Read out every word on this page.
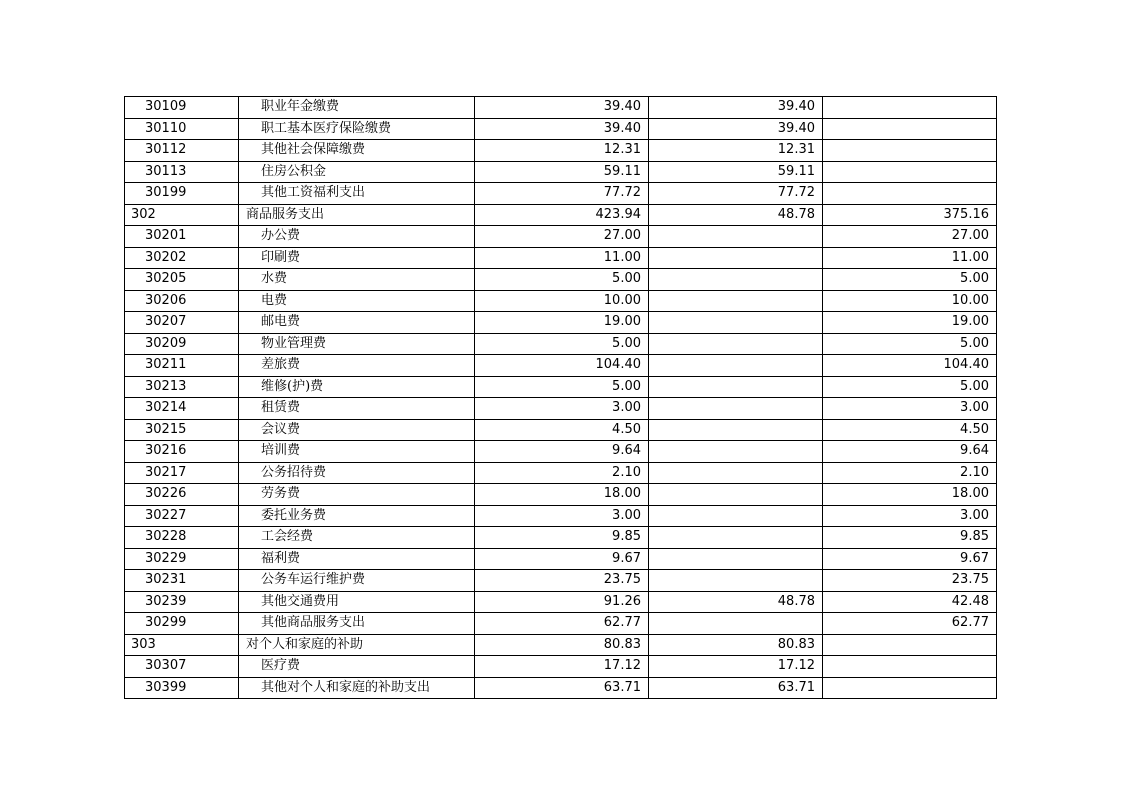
30109	职业年金缴费	39.40	39.40	
30110	职工基本医疗保险缴费	39.40	39.40	
30112	其他社会保障缴费	12.31	12.31	
30113	住房公积金	59.11	59.11	
30199	其他工资福利支出	77.72	77.72	
302	商品服务支出	423.94	48.78	375.16
30201	办公费	27.00		27.00
30202	印刷费	11.00		11.00
30205	水费	5.00		5.00
30206	电费	10.00		10.00
30207	邮电费	19.00		19.00
30209	物业管理费	5.00		5.00
30211	差旅费	104.40		104.40
30213	维修(护)费	5.00		5.00
30214	租赁费	3.00		3.00
30215	会议费	4.50		4.50
30216	培训费	9.64		9.64
30217	公务招待费	2.10		2.10
30226	劳务费	18.00		18.00
30227	委托业务费	3.00		3.00
30228	工会经费	9.85		9.85
30229	福利费	9.67		9.67
30231	公务车运行维护费	23.75		23.75
30239	其他交通费用	91.26	48.78	42.48
30299	其他商品服务支出	62.77		62.77
303	对个人和家庭的补助	80.83	80.83	
30307	医疗费	17.12	17.12	
30399	其他对个人和家庭的补助支出	63.71	63.71	
